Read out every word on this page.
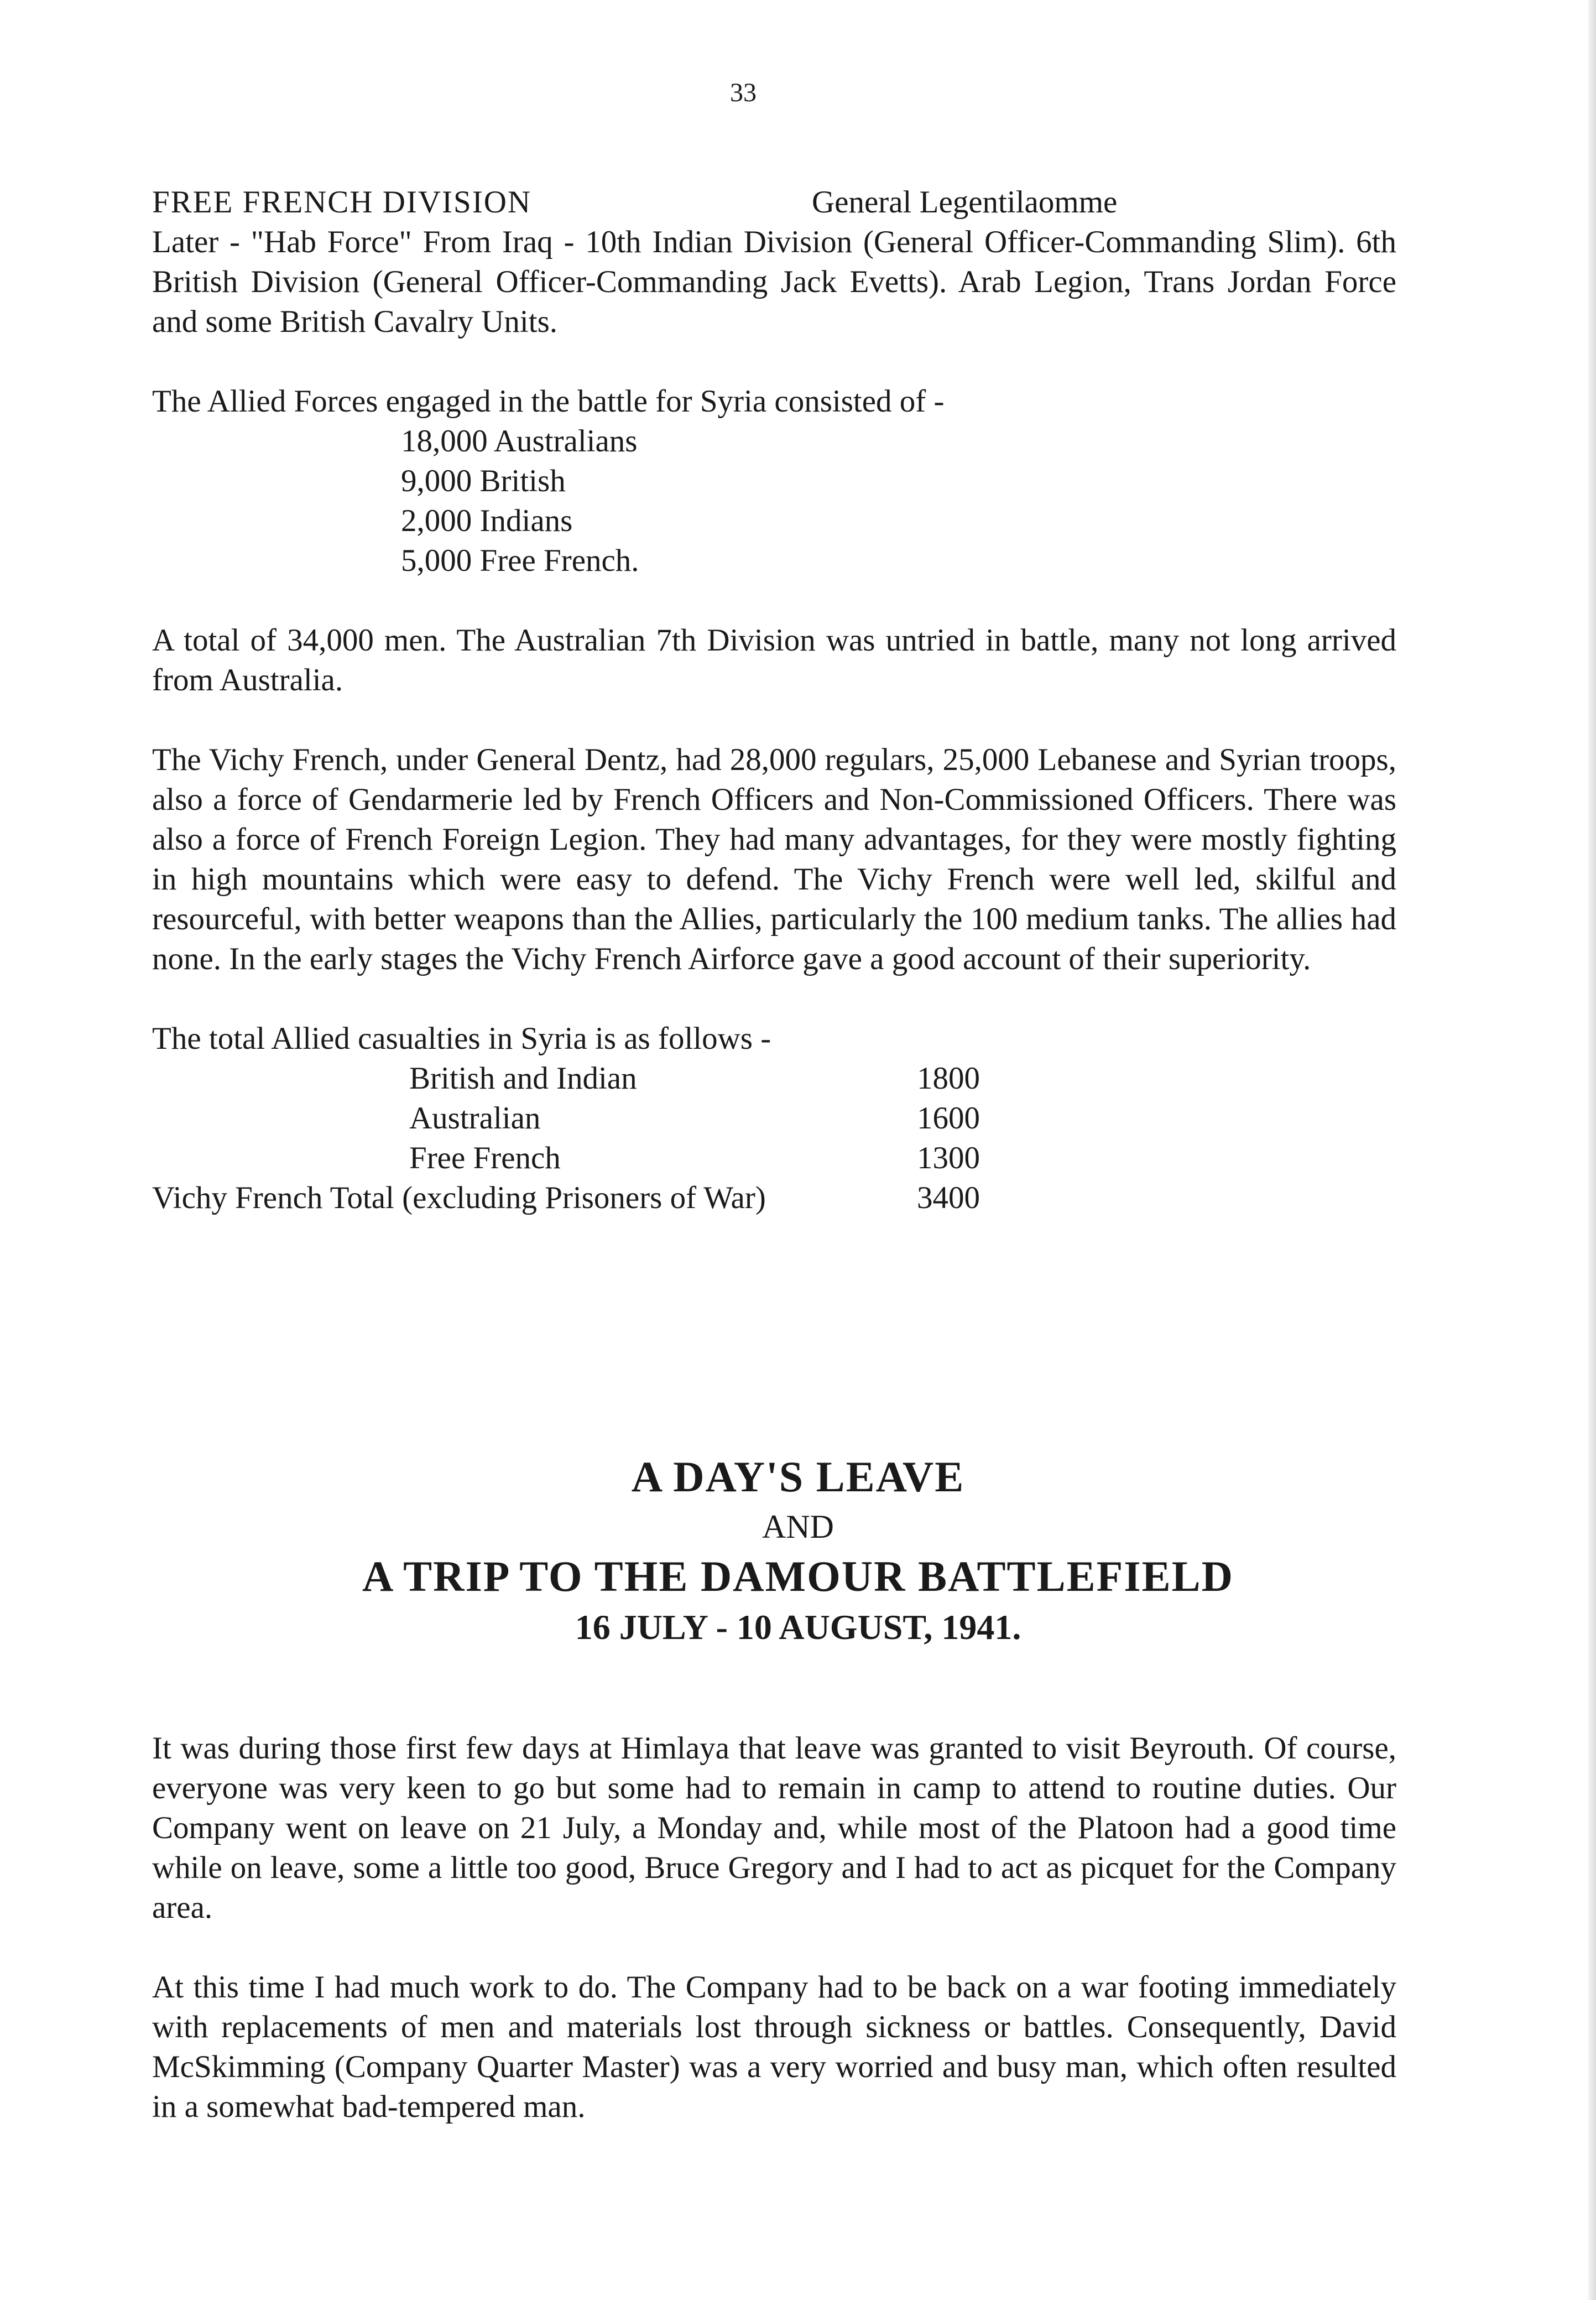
33
FREE FRENCH DIVISION	General Legentilaomme

Later - "Hab Force" From Iraq - 10th Indian Division (General Officer-Commanding Slim). 6th British Division (General Officer-Commanding Jack Evetts). Arab Legion, Trans Jordan Force and some British Cavalry Units.

The Allied Forces engaged in the battle for Syria consisted of -

18,000 Australians
9,000 British
2,000 Indians
5,000 Free French.

A total of 34,000 men. The Australian 7th Division was untried in battle, many not long arrived from Australia.

The Vichy French, under General Dentz, had 28,000 regulars, 25,000 Lebanese and Syrian troops, also a force of Gendarmerie led by French Officers and Non-Commissioned Officers. There was also a force of French Foreign Legion. They had many advantages, for they were mostly fighting in high mountains which were easy to defend. The Vichy French were well led, skilful and resourceful, with better weapons than the Allies, particularly the 100 medium tanks. The allies had none. In the early stages the Vichy French Airforce gave a good account of their superiority.

The total Allied casualties in Syria is as follows -

British and Indian	1800
Australian	1600
Free French	1300
Vichy French Total (excluding Prisoners of War)	3400
A DAY'S LEAVE
AND
A TRIP TO THE DAMOUR BATTLEFIELD
16 JULY - 10 AUGUST, 1941.

It was during those first few days at Himlaya that leave was granted to visit Beyrouth. Of course, everyone was very keen to go but some had to remain in camp to attend to routine duties. Our Company went on leave on 21 July, a Monday and, while most of the Platoon had a good time while on leave, some a little too good, Bruce Gregory and I had to act as picquet for the Company area.

At this time I had much work to do. The Company had to be back on a war footing immediately with replacements of men and materials lost through sickness or battles. Consequently, David McSkimming (Company Quarter Master) was a very worried and busy man, which often resulted in a somewhat bad-tempered man.
